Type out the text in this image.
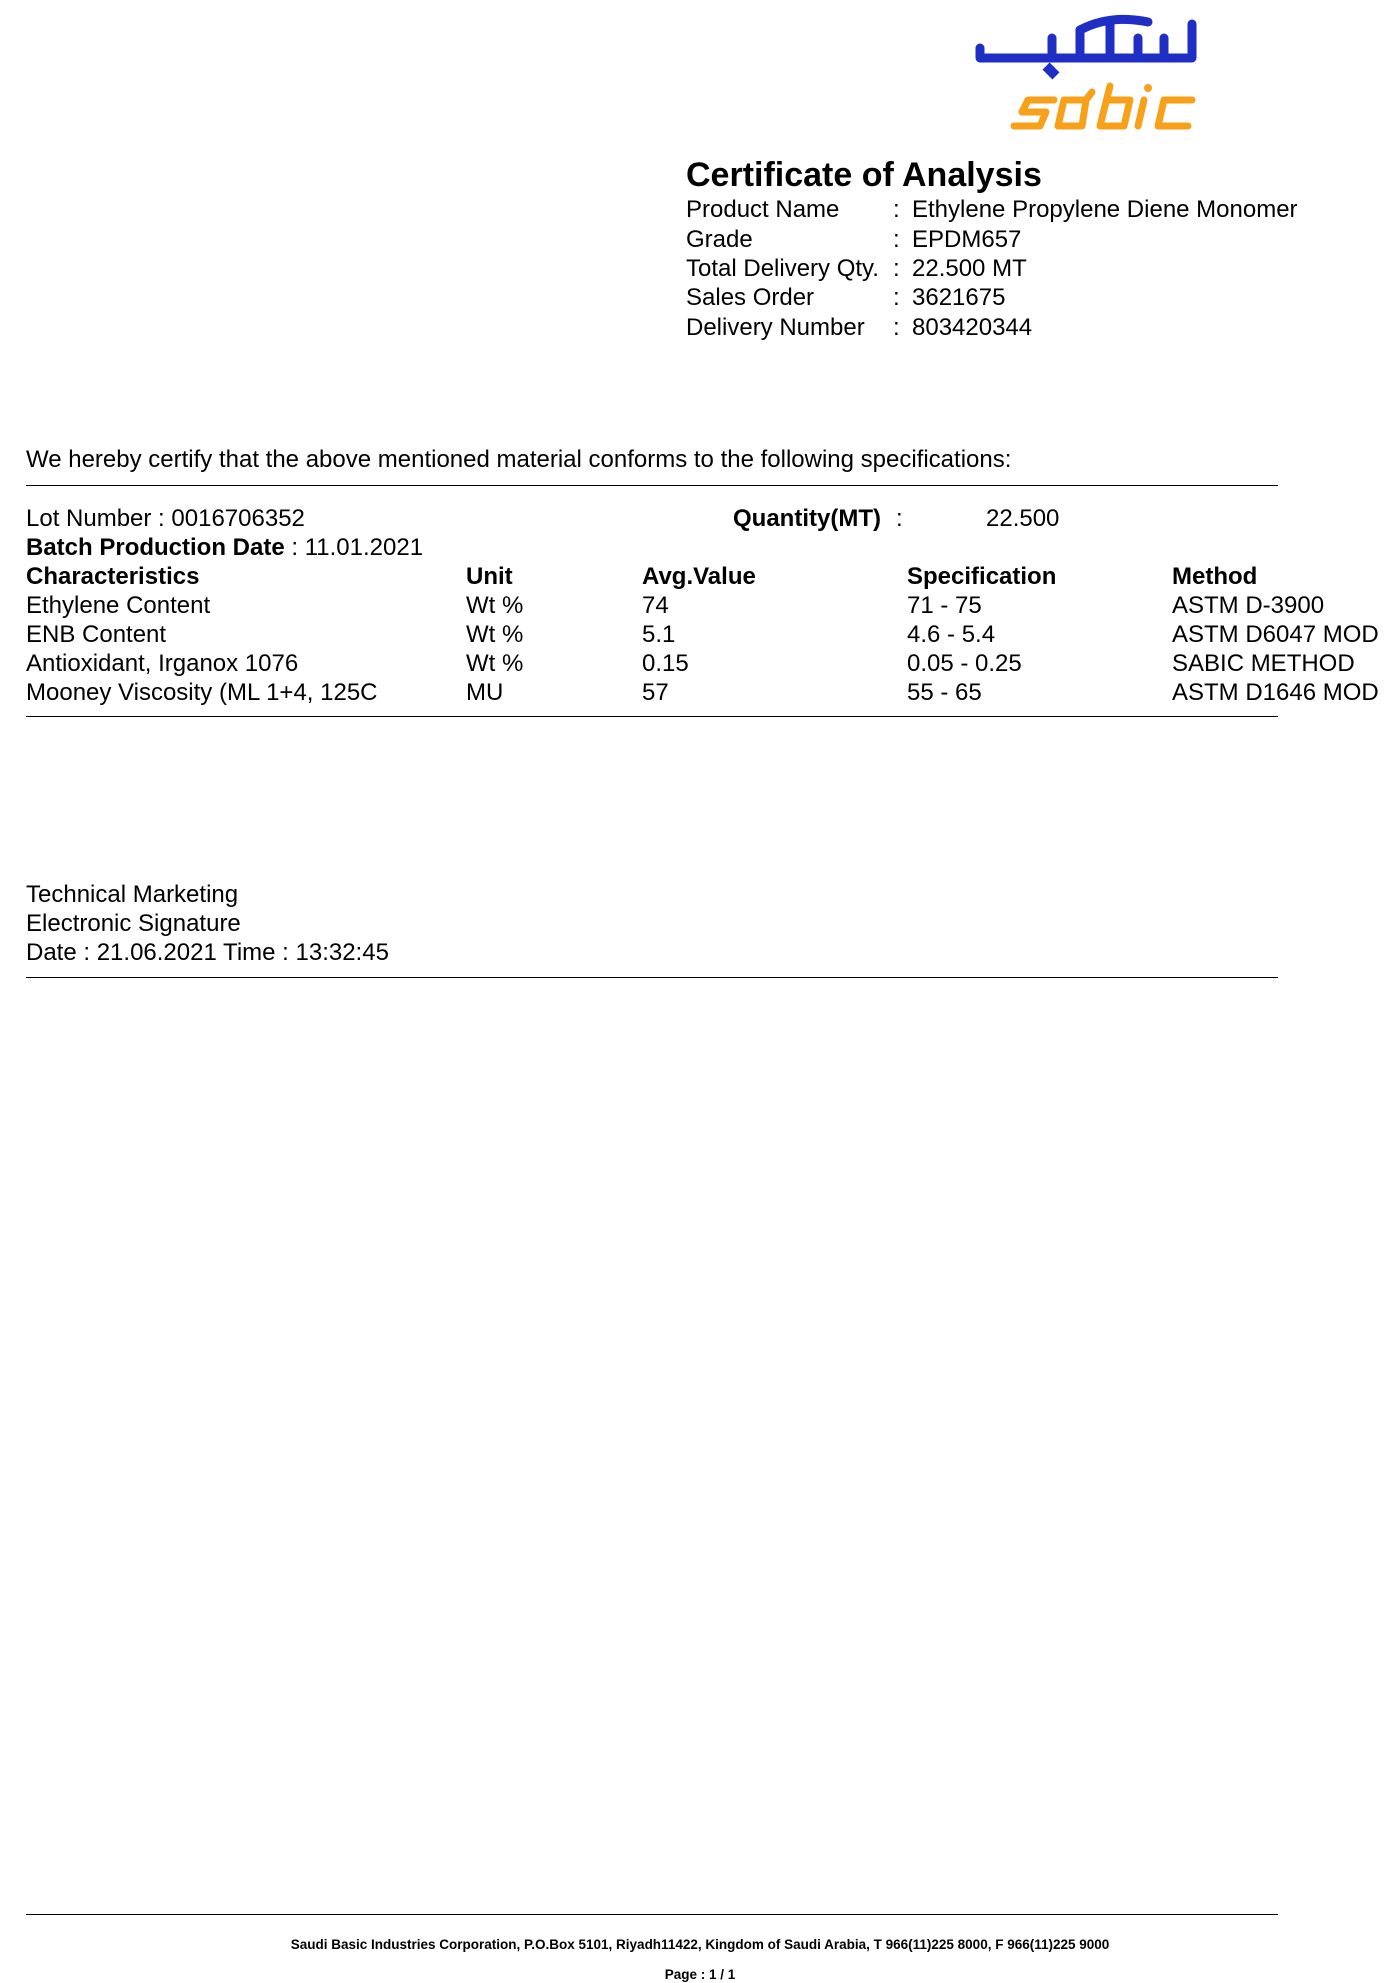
Certificate of Analysis
Product Name : Ethylene Propylene Diene Monomer
Grade	: EPDM657
Total Delivery Qty. : 22.500 MT
Sales Order	: 3621675
Delivery Number : 803420344
We hereby certify that the above mentioned material conforms to the following specifications:
Lot Number : 0016706352	Quantity(MT) :	22.500
Batch Production Date : 11.01.2021
Characteristics	Unit	Avg.Value	Specification	Method
Ethylene Content	Wt %	74	71 - 75	ASTM D-3900
ENB Content	Wt %	5.1	4.6 - 5.4	ASTM D6047 MOD
Antioxidant, Irganox 1076	Wt %	0.15	0.05 - 0.25	SABIC METHOD
Mooney Viscosity (ML 1+4, 125C	MU	57	55 - 65	ASTM D1646 MOD
Technical Marketing
Electronic Signature
Date : 21.06.2021 Time : 13:32:45
Saudi Basic Industries Corporation, P.O.Box 5101, Riyadh11422, Kingdom of Saudi Arabia, T 966(11)225 8000, F 966(11)225 9000
Page : 1 / 1
